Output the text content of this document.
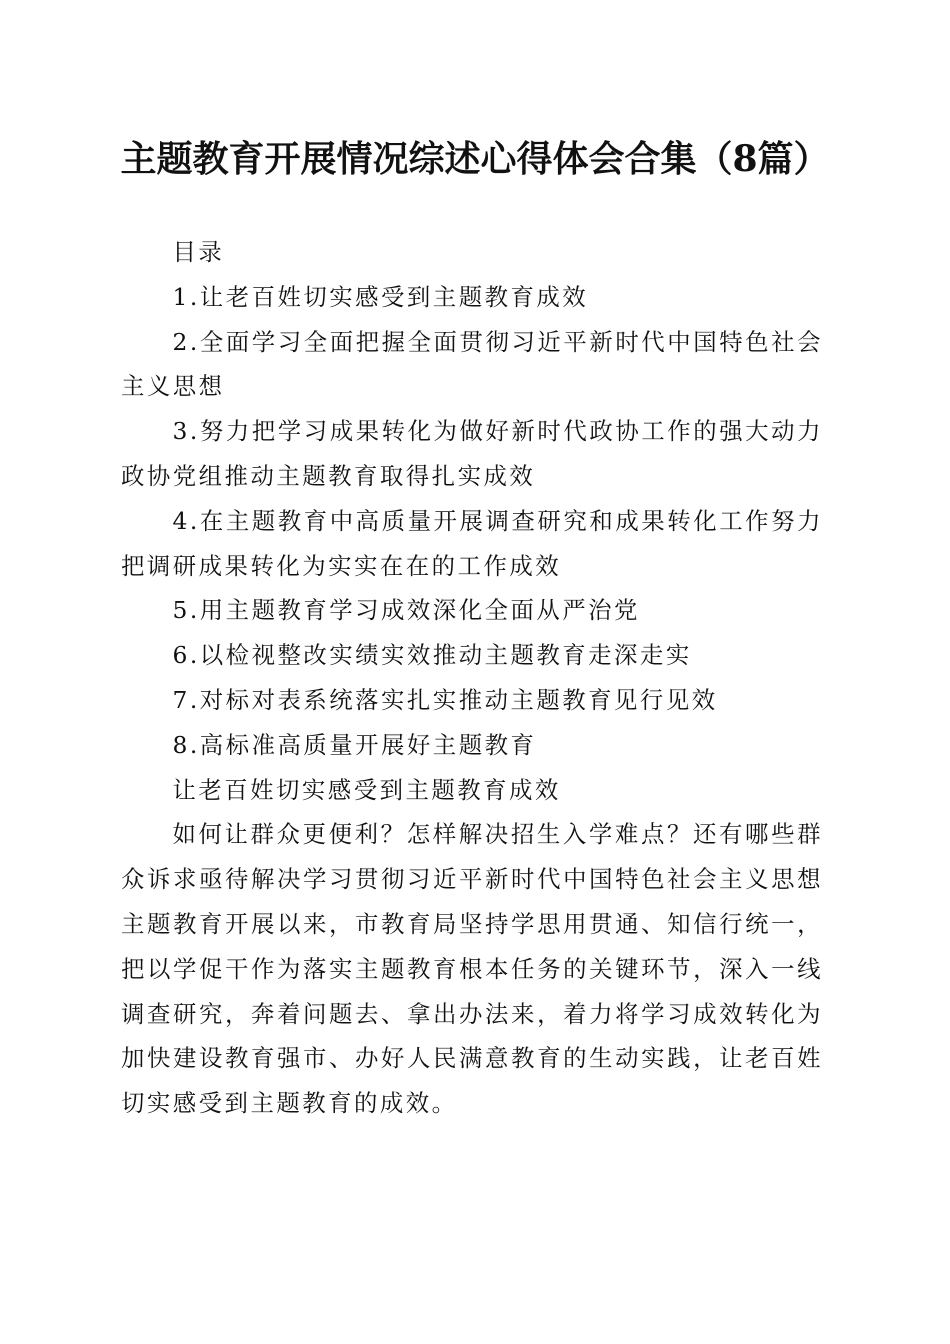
主题教育开展情况综述心得体会合集（8篇）

目录

1.让老百姓切实感受到主题教育成效

2.全面学习全面把握全面贯彻习近平新时代中国特色社会主义思想

3.努力把学习成果转化为做好新时代政协工作的强大动力政协党组推动主题教育取得扎实成效

4.在主题教育中高质量开展调查研究和成果转化工作努力把调研成果转化为实实在在的工作成效

5.用主题教育学习成效深化全面从严治党

6.以检视整改实绩实效推动主题教育走深走实

7.对标对表系统落实扎实推动主题教育见行见效

8.高标准高质量开展好主题教育

让老百姓切实感受到主题教育成效

如何让群众更便利？怎样解决招生入学难点？还有哪些群众诉求亟待解决学习贯彻习近平新时代中国特色社会主义思想主题教育开展以来，市教育局坚持学思用贯通、知信行统一，把以学促干作为落实主题教育根本任务的关键环节，深入一线调查研究，奔着问题去、拿出办法来，着力将学习成效转化为加快建设教育强市、办好人民满意教育的生动实践，让老百姓切实感受到主题教育的成效。
